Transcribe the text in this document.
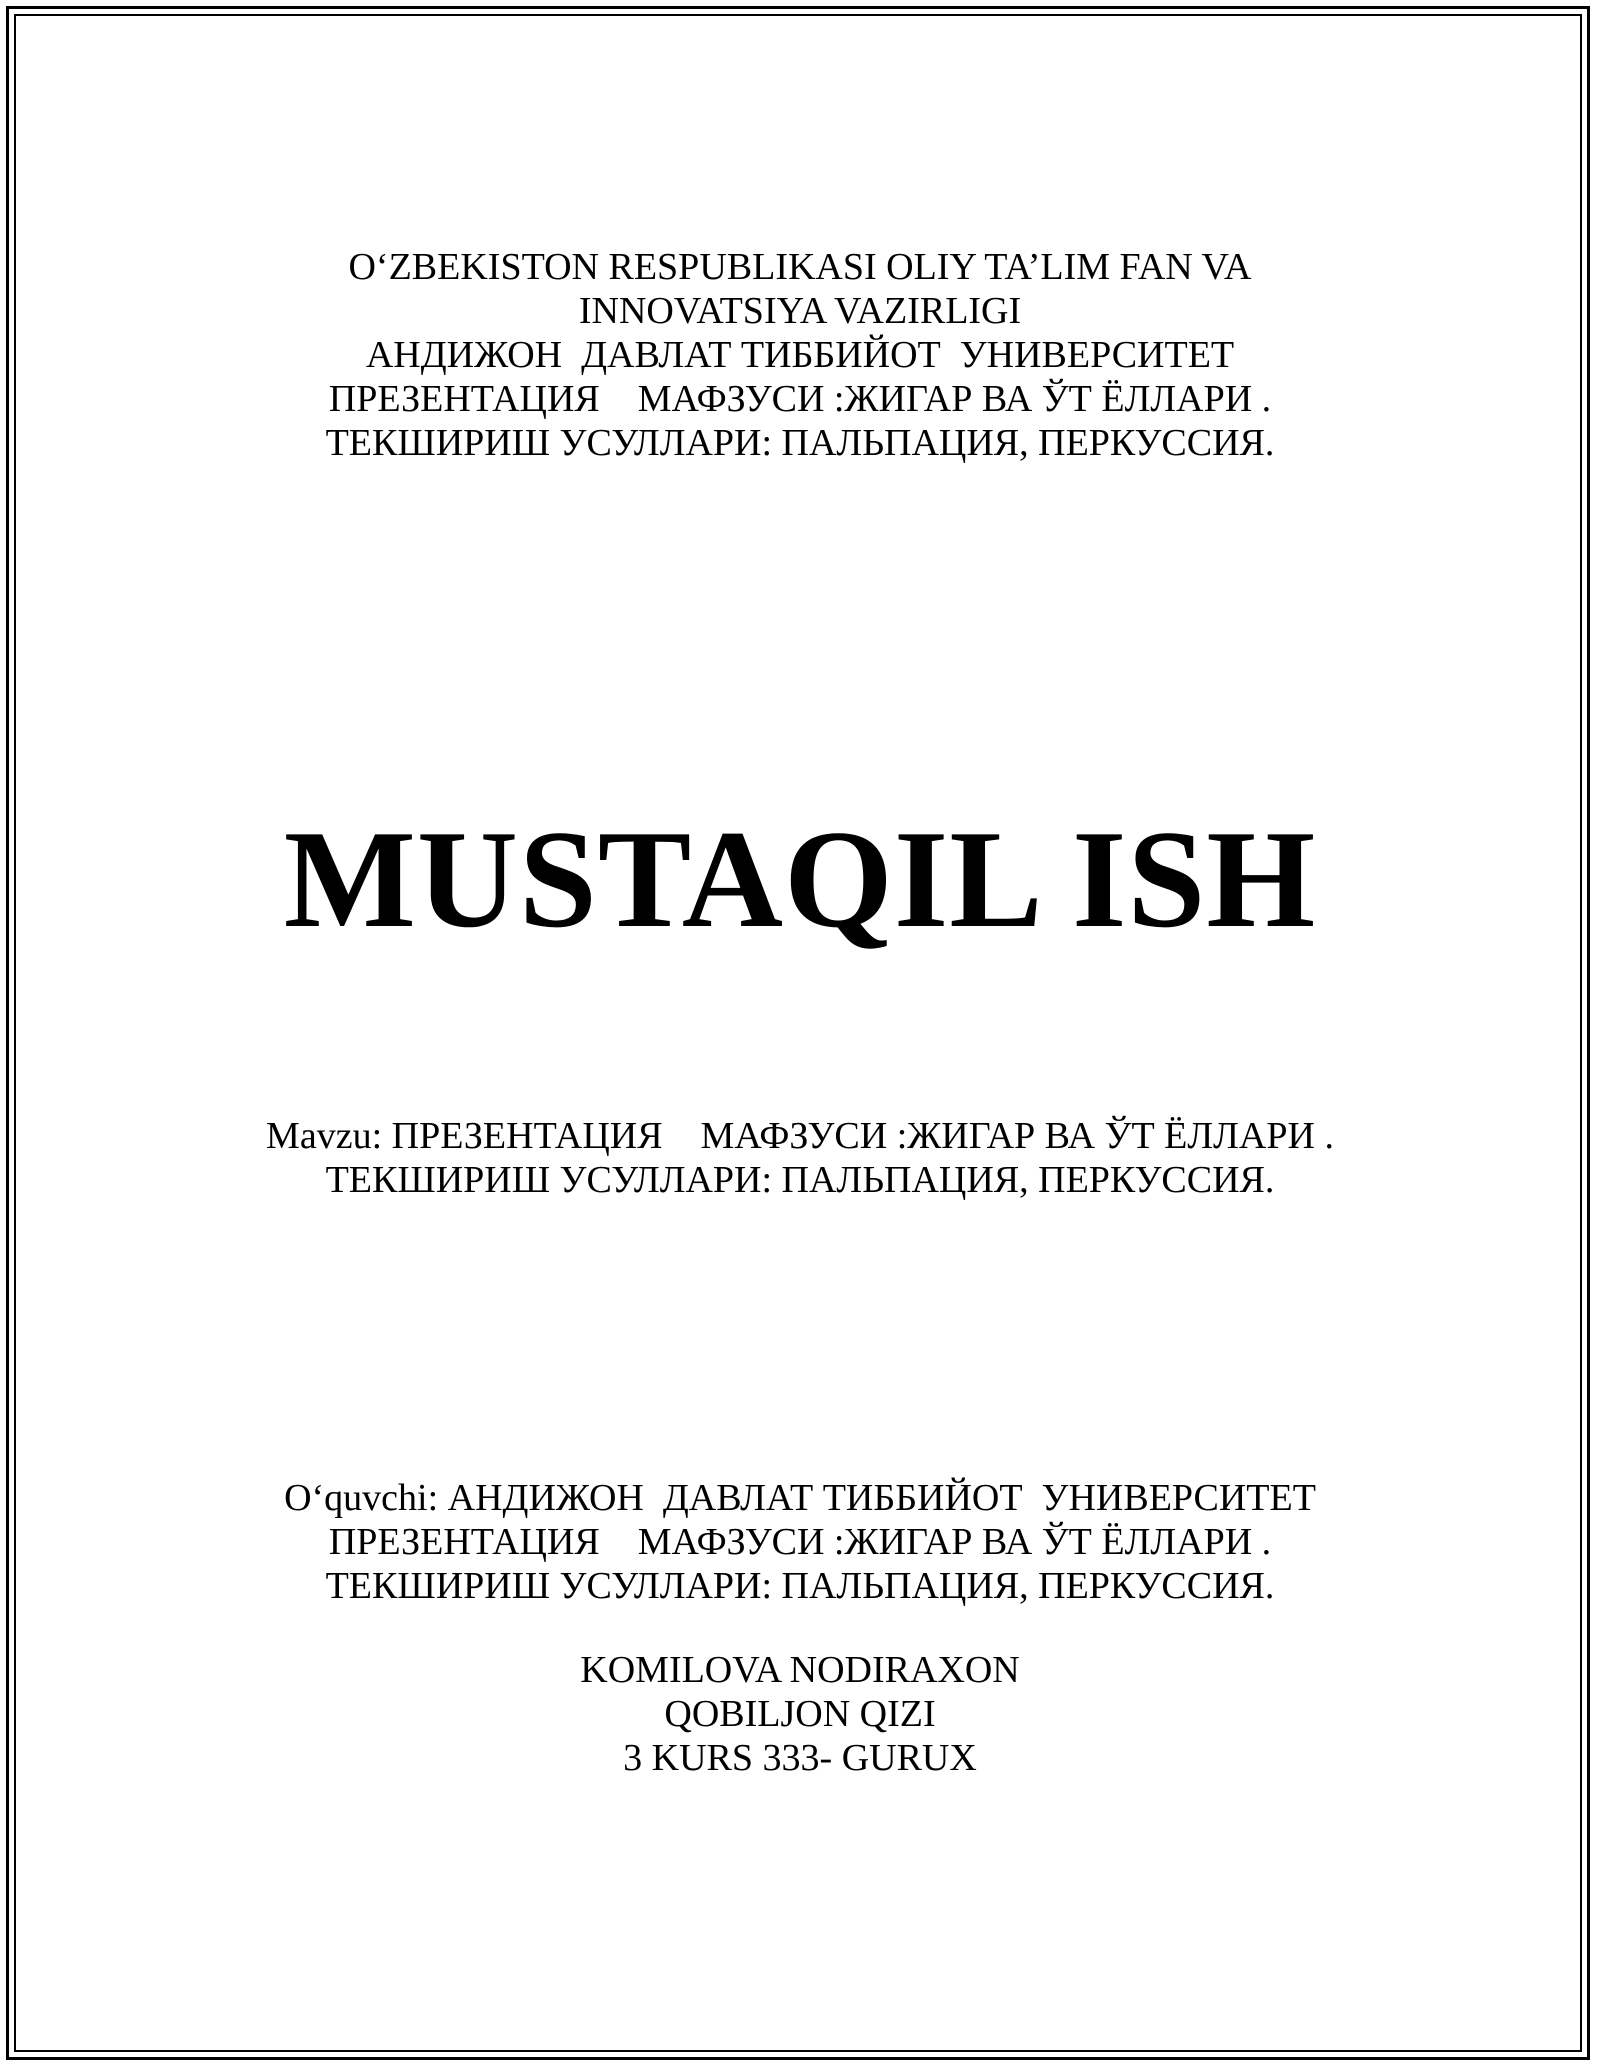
O‘ZBEKISTON RESPUBLIKASI OLIY TA’LIM FAN VA
INNOVATSIYA VAZIRLIGI
АНДИЖОН  ДАВЛАТ ТИББИЙОТ  УНИВЕРСИТЕТ
ПРЕЗЕНТАЦИЯ    МАФЗУСИ :ЖИГАР ВА ЎТ ЁЛЛАРИ .
ТЕКШИРИШ УСУЛЛАРИ: ПАЛЬПАЦИЯ, ПЕРКУССИЯ.
MUSTAQIL ISH
Mavzu: ПРЕЗЕНТАЦИЯ    МАФЗУСИ :ЖИГАР ВА ЎТ ЁЛЛАРИ .
ТЕКШИРИШ УСУЛЛАРИ: ПАЛЬПАЦИЯ, ПЕРКУССИЯ.
O‘quvchi: АНДИЖОН  ДАВЛАТ ТИББИЙОТ  УНИВЕРСИТЕТ
ПРЕЗЕНТАЦИЯ    МАФЗУСИ :ЖИГАР ВА ЎТ ЁЛЛАРИ .
ТЕКШИРИШ УСУЛЛАРИ: ПАЛЬПАЦИЯ, ПЕРКУССИЯ.
KOMILOVA NODIRAXON
QOBILJON QIZI
3 KURS 333- GURUX
